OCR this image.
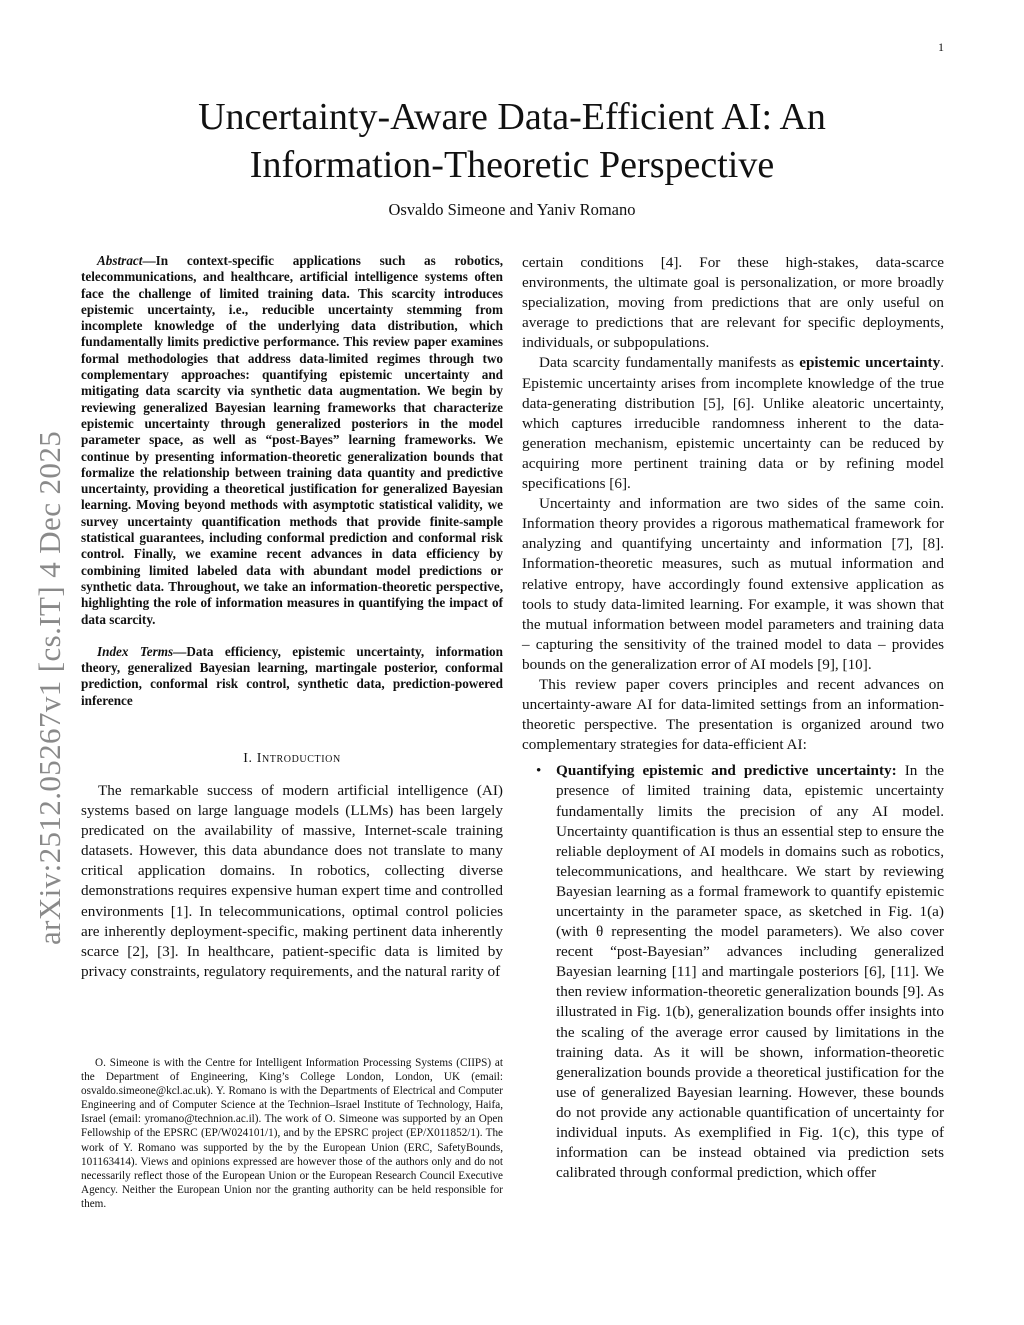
1
arXiv:2512.05267v1 [cs.IT] 4 Dec 2025
Uncertainty-Aware Data-Efficient AI: An
Information-Theoretic Perspective
Osvaldo Simeone and Yaniv Romano

Abstract—In context-specific applications such as robotics, telecommunications, and healthcare, artificial intelligence systems often face the challenge of limited training data. This scarcity introduces epistemic uncertainty, i.e., reducible uncertainty stemming from incomplete knowledge of the underlying data distribution, which fundamentally limits predictive performance. This review paper examines formal methodologies that address data-limited regimes through two complementary approaches: quantifying epistemic uncertainty and mitigating data scarcity via synthetic data augmentation. We begin by reviewing generalized Bayesian learning frameworks that characterize epistemic uncertainty through generalized posteriors in the model parameter space, as well as “post-Bayes” learning frameworks. We continue by presenting information-theoretic generalization bounds that formalize the relationship between training data quantity and predictive uncertainty, providing a theoretical justification for generalized Bayesian learning. Moving beyond methods with asymptotic statistical validity, we survey uncertainty quantification methods that provide finite-sample statistical guarantees, including conformal prediction and conformal risk control. Finally, we examine recent advances in data efficiency by combining limited labeled data with abundant model predictions or synthetic data. Throughout, we take an information-theoretic perspective, highlighting the role of information measures in quantifying the impact of data scarcity.

Index Terms—Data efficiency, epistemic uncertainty, information theory, generalized Bayesian learning, martingale posterior, conformal prediction, conformal risk control, synthetic data, prediction-powered inference

I. Introduction

The remarkable success of modern artificial intelligence (AI) systems based on large language models (LLMs) has been largely predicated on the availability of massive, Internet-scale training datasets. However, this data abundance does not translate to many critical application domains. In robotics, collecting diverse demonstrations requires expensive human expert time and controlled environments [1]. In telecommunications, optimal control policies are inherently deployment-specific, making pertinent data inherently scarce [2], [3]. In healthcare, patient-specific data is limited by privacy constraints, regulatory requirements, and the natural rarity of

O. Simeone is with the Centre for Intelligent Information Processing Systems (CIIPS) at the Department of Engineering, King’s College London, London, UK (email: osvaldo.simeone@kcl.ac.uk). Y. Romano is with the Departments of Electrical and Computer Engineering and of Computer Science at the Technion–Israel Institute of Technology, Haifa, Israel (email: yromano@technion.ac.il). The work of O. Simeone was supported by an Open Fellowship of the EPSRC (EP/W024101/1), and by the EPSRC project (EP/X011852/1). The work of Y. Romano was supported by the by the European Union (ERC, SafetyBounds, 101163414). Views and opinions expressed are however those of the authors only and do not necessarily reflect those of the European Union or the European Research Council Executive Agency. Neither the European Union nor the granting authority can be held responsible for them.

certain conditions [4]. For these high-stakes, data-scarce environments, the ultimate goal is personalization, or more broadly specialization, moving from predictions that are only useful on average to predictions that are relevant for specific deployments, individuals, or subpopulations.

Data scarcity fundamentally manifests as epistemic uncertainty. Epistemic uncertainty arises from incomplete knowledge of the true data-generating distribution [5], [6]. Unlike aleatoric uncertainty, which captures irreducible randomness inherent to the data-generation mechanism, epistemic uncertainty can be reduced by acquiring more pertinent training data or by refining model specifications [6].

Uncertainty and information are two sides of the same coin. Information theory provides a rigorous mathematical framework for analyzing and quantifying uncertainty and information [7], [8]. Information-theoretic measures, such as mutual information and relative entropy, have accordingly found extensive application as tools to study data-limited learning. For example, it was shown that the mutual information between model parameters and training data – capturing the sensitivity of the trained model to data – provides bounds on the generalization error of AI models [9], [10].

This review paper covers principles and recent advances on uncertainty-aware AI for data-limited settings from an information-theoretic perspective. The presentation is organized around two complementary strategies for data-efficient AI:

• Quantifying epistemic and predictive uncertainty: In the presence of limited training data, epistemic uncertainty fundamentally limits the precision of any AI model. Uncertainty quantification is thus an essential step to ensure the reliable deployment of AI models in domains such as robotics, telecommunications, and healthcare. We start by reviewing Bayesian learning as a formal framework to quantify epistemic uncertainty in the parameter space, as sketched in Fig. 1(a) (with θ representing the model parameters). We also cover recent “post-Bayesian” advances including generalized Bayesian learning [11] and martingale posteriors [6], [11]. We then review information-theoretic generalization bounds [9]. As illustrated in Fig. 1(b), generalization bounds offer insights into the scaling of the average error caused by limitations in the training data. As it will be shown, information-theoretic generalization bounds provide a theoretical justification for the use of generalized Bayesian learning. However, these bounds do not provide any actionable quantification of uncertainty for individual inputs. As exemplified in Fig. 1(c), this type of information can be instead obtained via prediction sets calibrated through conformal prediction, which offer
